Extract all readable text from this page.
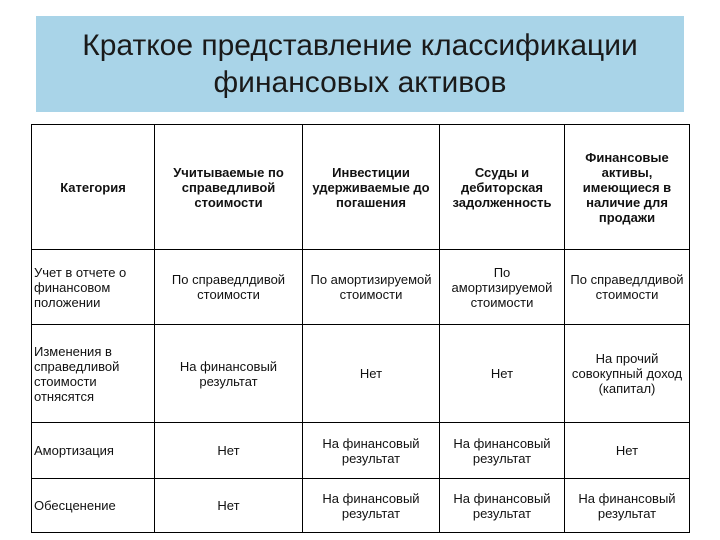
Краткое представление классификации
финансовых активов
Категория	Учитываемые по справедливой стоимости	Инвестиции удерживаемые до погашения	Ссуды и дебиторская задолженность	Финансовые активы, имеющиеся в наличие для продажи
Учет в отчете о финансовом положении	По справедлдивой стоимости	По амортизируемой стоимости	По амортизируемой стоимости	По справедлдивой стоимости
Изменения в справедливой стоимости отнясятся	На финансовый результат	Нет	Нет	На прочий совокупный доход (капитал)
Амортизация	Нет	На финансовый результат	На финансовый результат	Нет
Обесценение	Нет	На финансовый результат	На финансовый результат	На финансовый результат
